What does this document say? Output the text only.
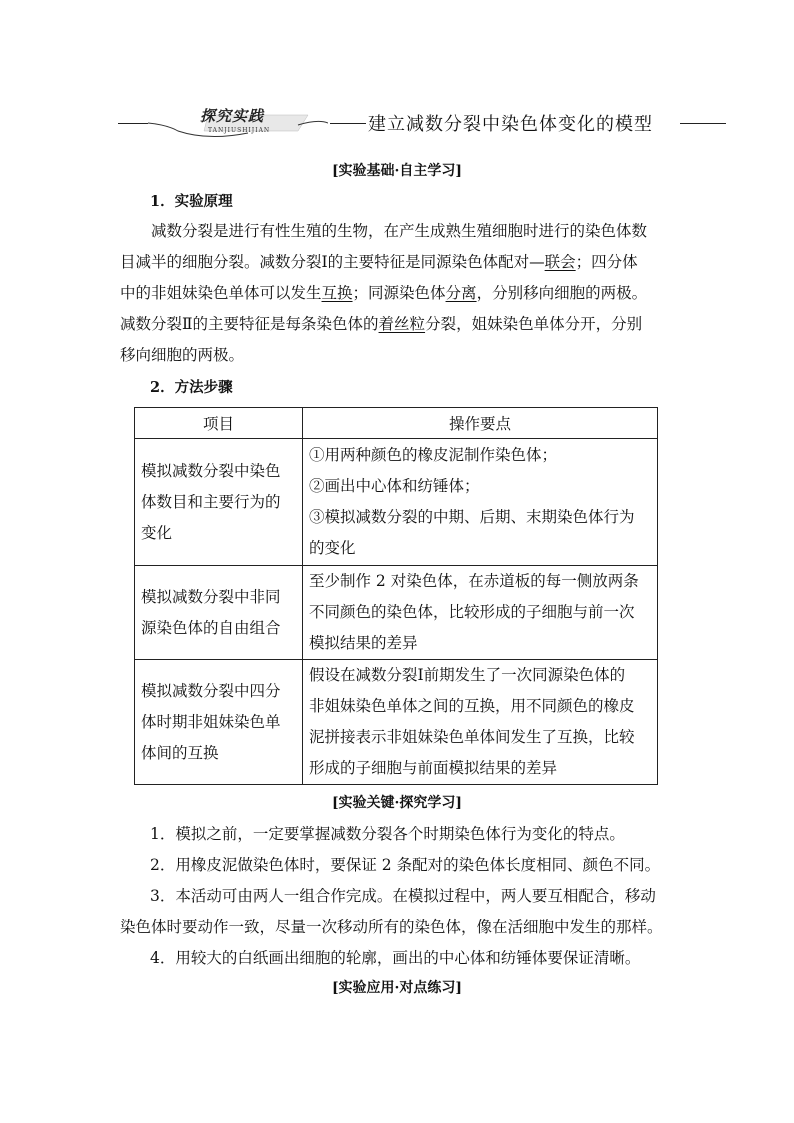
探究实践
TANJIUSHIJIAN	建立减数分裂中染色体变化的模型
[实验基础·自主学习]
1．实验原理
减数分裂是进行有性生殖的生物，在产生成熟生殖细胞时进行的染色体数
目减半的细胞分裂。减数分裂Ⅰ的主要特征是同源染色体配对—联会；四分体
中的非姐妹染色单体可以发生互换；同源染色体分离，分别移向细胞的两极。
减数分裂Ⅱ的主要特征是每条染色体的着丝粒分裂，姐妹染色单体分开，分别
移向细胞的两极。
2．方法步骤
项目	操作要点

模拟减数分裂中染色
体数目和主要行为的
变化	①用两种颜色的橡皮泥制作染色体；
②画出中心体和纺锤体；
③模拟减数分裂的中期、后期、末期染色体行为
的变化

模拟减数分裂中非同
源染色体的自由组合	至少制作 2 对染色体，在赤道板的每一侧放两条
不同颜色的染色体，比较形成的子细胞与前一次
模拟结果的差异

模拟减数分裂中四分
体时期非姐妹染色单
体间的互换	假设在减数分裂Ⅰ前期发生了一次同源染色体的
非姐妹染色单体之间的互换，用不同颜色的橡皮
泥拼接表示非姐妹染色单体间发生了互换，比较
形成的子细胞与前面模拟结果的差异
[实验关键·探究学习]
1．模拟之前，一定要掌握减数分裂各个时期染色体行为变化的特点。
2．用橡皮泥做染色体时，要保证 2 条配对的染色体长度相同、颜色不同。
3．本活动可由两人一组合作完成。在模拟过程中，两人要互相配合，移动
染色体时要动作一致，尽量一次移动所有的染色体，像在活细胞中发生的那样。
4．用较大的白纸画出细胞的轮廓，画出的中心体和纺锤体要保证清晰。
[实验应用·对点练习]
